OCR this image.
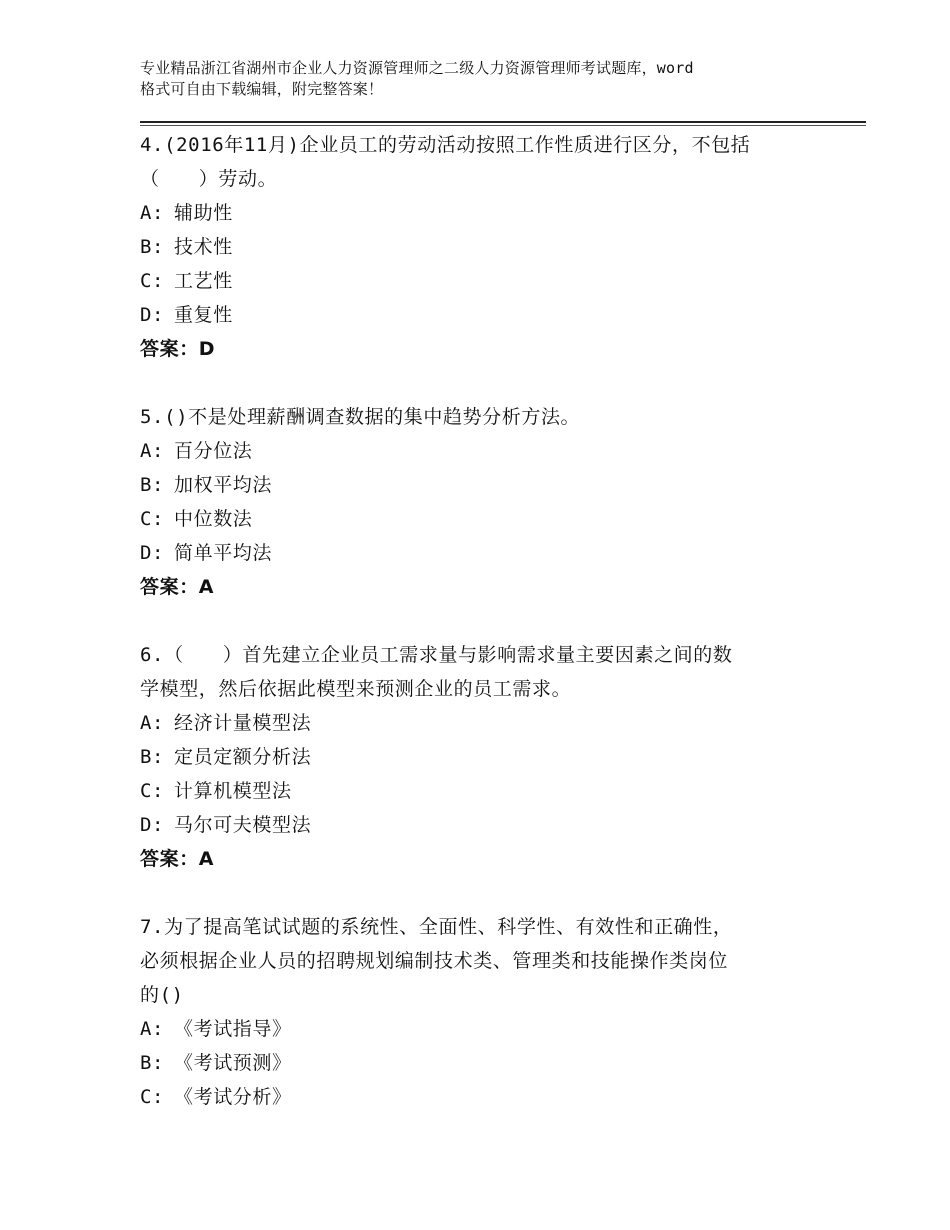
专业精品浙江省湖州市企业人力资源管理师之二级人力资源管理师考试题库，word
格式可自由下载编辑，附完整答案！
4.(2016年11月)企业员工的劳动活动按照工作性质进行区分，不包括
（　　）劳动。
A: 辅助性
B: 技术性
C: 工艺性
D: 重复性
答案：D
5.()不是处理薪酬调查数据的集中趋势分析方法。
A: 百分位法
B: 加权平均法
C: 中位数法
D: 简单平均法
答案：A
6.（　　）首先建立企业员工需求量与影响需求量主要因素之间的数
学模型，然后依据此模型来预测企业的员工需求。
A: 经济计量模型法
B: 定员定额分析法
C: 计算机模型法
D: 马尔可夫模型法
答案：A
7.为了提高笔试试题的系统性、全面性、科学性、有效性和正确性，
必须根据企业人员的招聘规划编制技术类、管理类和技能操作类岗位
的()
A: 《考试指导》
B: 《考试预测》
C: 《考试分析》
